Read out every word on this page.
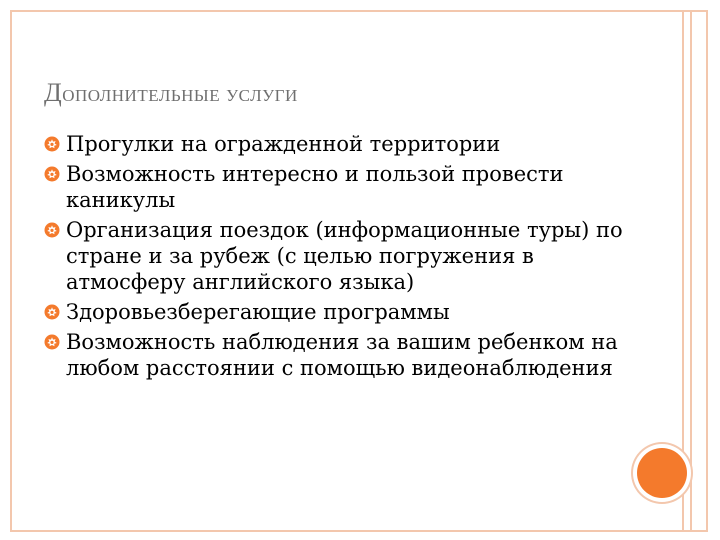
ДОПОЛНИТЕЛЬНЫЕ УСЛУГИ
Прогулки на огражденной территории
Возможность интересно и пользой провести каникулы
Организация поездок (информационные туры) по стране и за рубеж (с целью погружения в атмосферу английского языка)
Здоровьезберегающие программы
Возможность наблюдения за вашим ребенком на любом расстоянии с помощью видеонаблюдения
